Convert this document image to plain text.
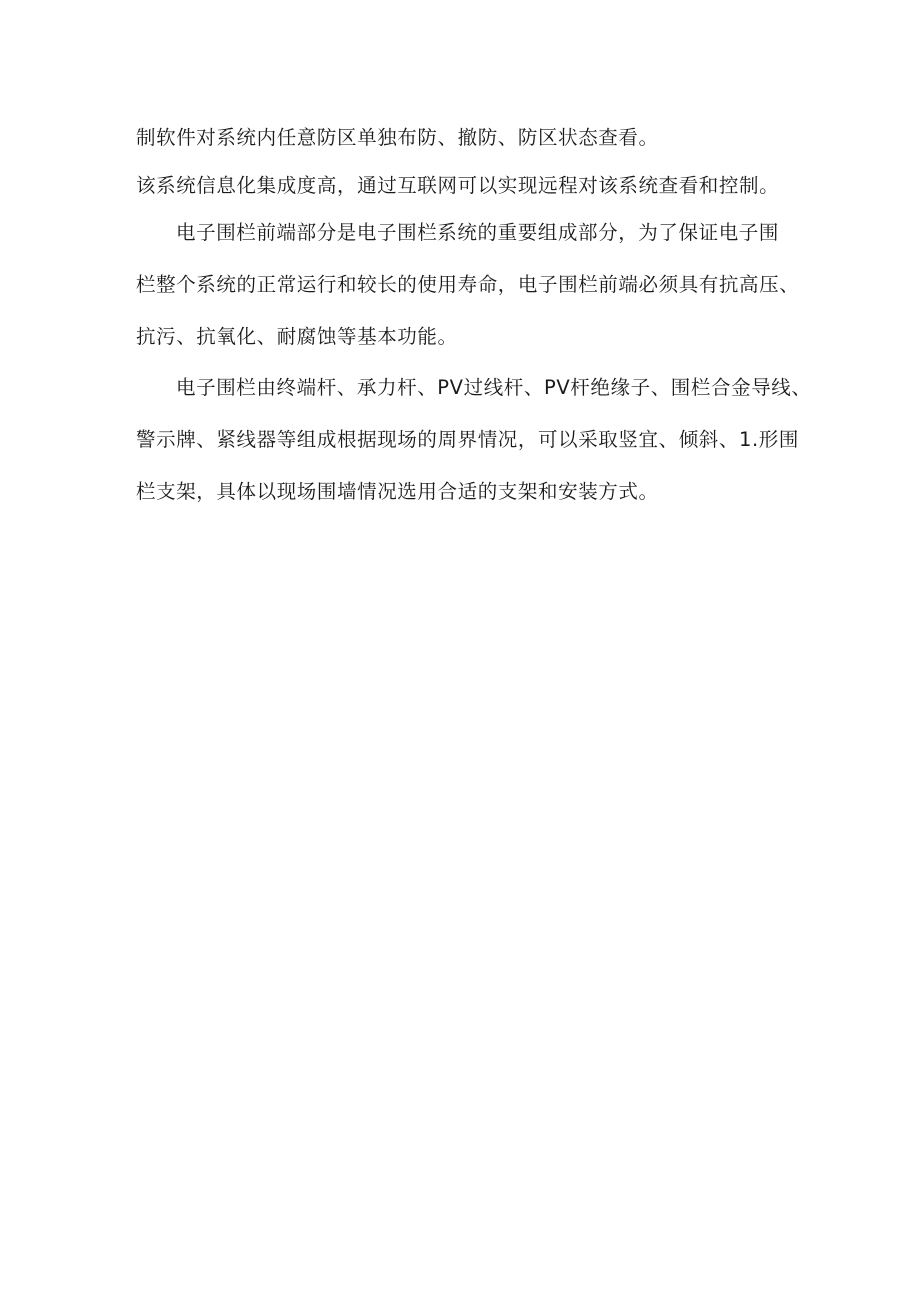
制软件对系统内任意防区单独布防、撤防、防区状态查看。
该系统信息化集成度高，通过互联网可以实现远程对该系统查看和控制。
电子围栏前端部分是电子围栏系统的重要组成部分，为了保证电子围
栏整个系统的正常运行和较长的使用寿命，电子围栏前端必须具有抗高压、
抗污、抗氧化、耐腐蚀等基本功能。
电子围栏由终端杆、承力杆、PV过线杆、PV杆绝缘子、围栏合金导线、
警示牌、紧线器等组成根据现场的周界情况，可以采取竖宜、倾斜、1.形围
栏支架，具体以现场围墙情况选用合适的支架和安装方式。
